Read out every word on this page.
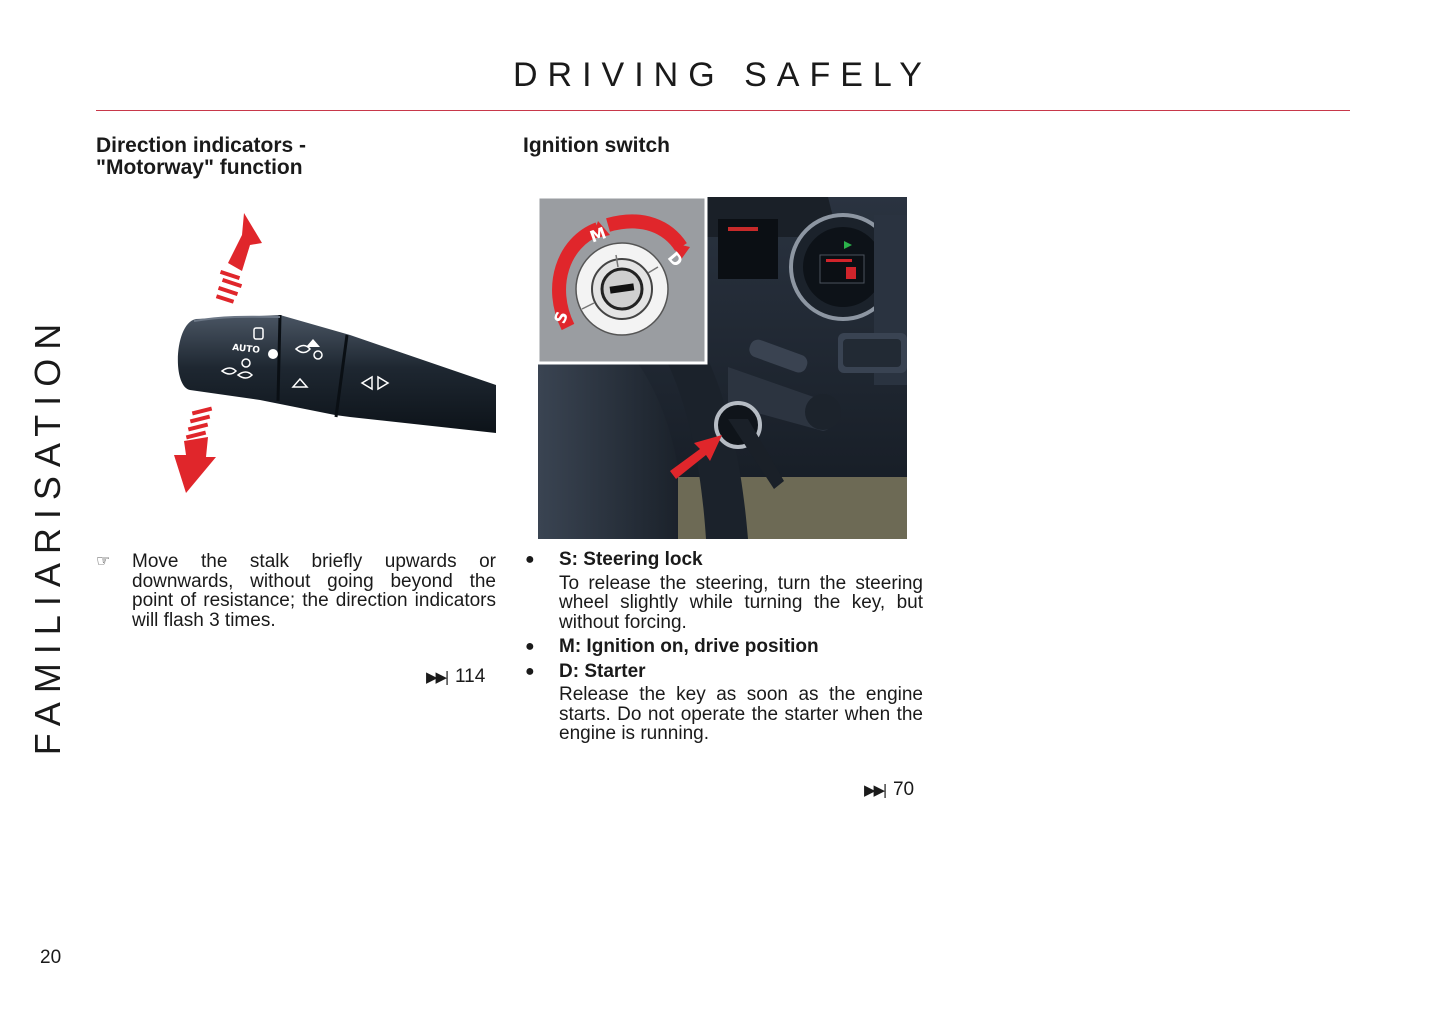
DRIVING SAFELY
FAMILIARISATION
Direction indicators -
"Motorway" function
AUTO
☞	Move the stalk briefly upwards or downwards, without going beyond the point of resistance; the direction indicators will flash 3 times.
▶▶| 114
Ignition switch
S
M
D
● S: Steering lock
To release the steering, turn the steering wheel slightly while turning the key, but without forcing.
● M: Ignition on, drive position
● D: Starter
Release the key as soon as the engine starts. Do not operate the starter when the engine is running.
▶▶| 70
20
